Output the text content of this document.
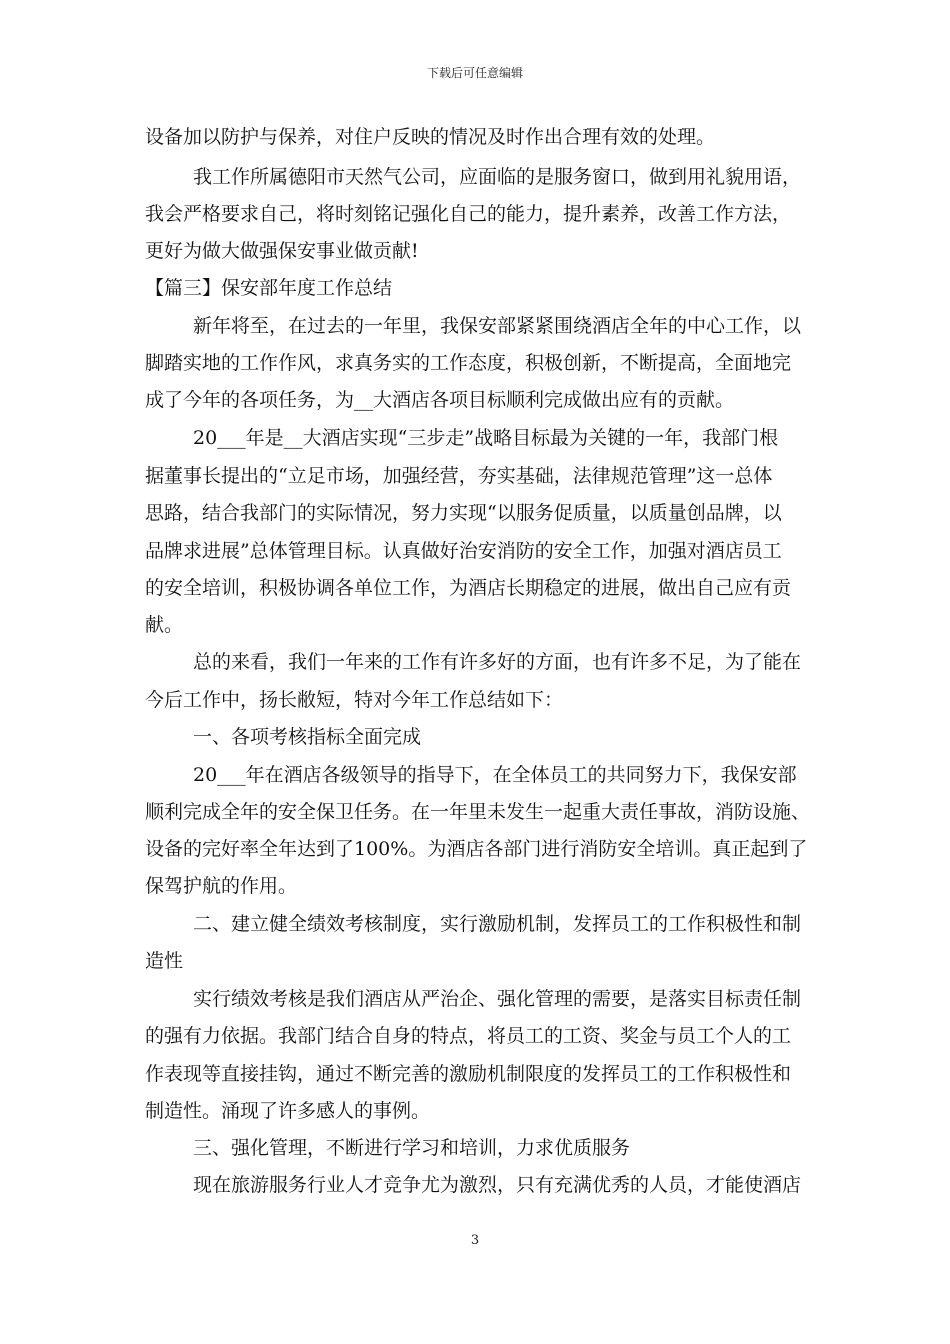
下载后可任意编辑
设备加以防护与保养，对住户反映的情况及时作出合理有效的处理。
我工作所属德阳市天然气公司，应面临的是服务窗口，做到用礼貌用语，
我会严格要求自己，将时刻铭记强化自己的能力，提升素养，改善工作方法，
更好为做大做强保安事业做贡献!
【篇三】保安部年度工作总结
新年将至，在过去的一年里，我保安部紧紧围绕酒店全年的中心工作，以
脚踏实地的工作作风，求真务实的工作态度，积极创新，不断提高，全面地完
成了今年的各项任务，为__大酒店各项目标顺利完成做出应有的贡献。
20___年是__大酒店实现“三步走”战略目标最为关键的一年，我部门根
据董事长提出的“立足市场，加强经营，夯实基础，法律规范管理”这一总体
思路，结合我部门的实际情况，努力实现“以服务促质量，以质量创品牌，以
品牌求进展”总体管理目标。认真做好治安消防的安全工作，加强对酒店员工
的安全培训，积极协调各单位工作，为酒店长期稳定的进展，做出自己应有贡
献。
总的来看，我们一年来的工作有许多好的方面，也有许多不足，为了能在
今后工作中，扬长敝短，特对今年工作总结如下：
一、各项考核指标全面完成
20___年在酒店各级领导的指导下，在全体员工的共同努力下，我保安部
顺利完成全年的安全保卫任务。在一年里未发生一起重大责任事故，消防设施、
设备的完好率全年达到了100%。为酒店各部门进行消防安全培训。真正起到了
保驾护航的作用。
二、建立健全绩效考核制度，实行激励机制，发挥员工的工作积极性和制
造性
实行绩效考核是我们酒店从严治企、强化管理的需要，是落实目标责任制
的强有力依据。我部门结合自身的特点，将员工的工资、奖金与员工个人的工
作表现等直接挂钩，通过不断完善的激励机制限度的发挥员工的工作积极性和
制造性。涌现了许多感人的事例。
三、强化管理，不断进行学习和培训，力求优质服务
现在旅游服务行业人才竞争尤为激烈，只有充满优秀的人员，才能使酒店
3
